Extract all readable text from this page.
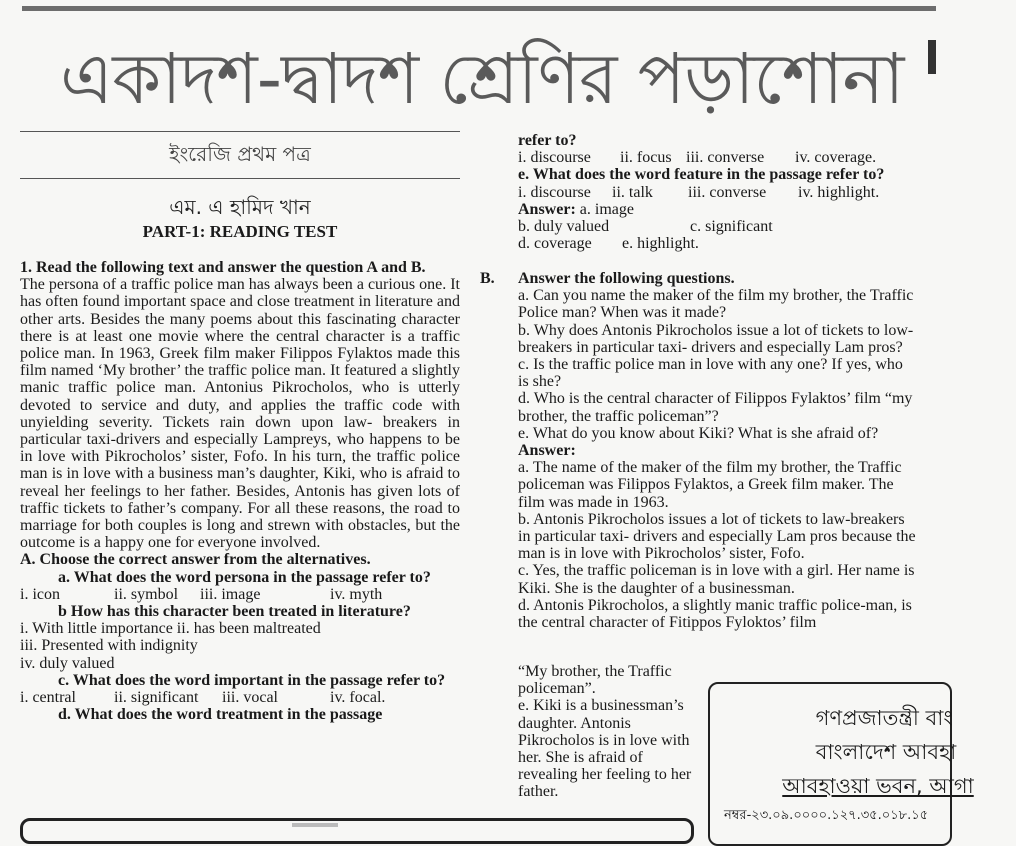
একাদশ-দ্বাদশ শ্রেণির পড়াশোনা
ইংরেজি প্রথম পত্র
এম. এ হামিদ খান
PART-1: READING TEST

1. Read the following text and answer the question A and B.

The persona of a traffic police man has always been a curious one. It has often found important space and close treatment in literature and other arts. Besides the many poems about this fascinating character there is at least one movie where the central character is a traffic police man. In 1963, Greek film maker Filippos Fylaktos made this film named ‘My brother’ the traffic police man. It featured a slightly manic traffic police man. Antonius Pikrocholos, who is utterly devoted to service and duty, and applies the traffic code with unyielding severity. Tickets rain down upon law- breakers in particular taxi-drivers and especially Lampreys, who happens to be in love with Pikrocholos’ sister, Fofo. In his turn, the traffic police man is in love with a business man’s daughter, Kiki, who is afraid to reveal her feelings to her father. Besides, Antonis has given lots of traffic tickets to father’s company. For all these reasons, the road to marriage for both couples is long and strewn with obstacles, but the outcome is a happy one for everyone involved.

A. Choose the correct answer from the alternatives.

a. What does the word persona in the passage refer to?

i. icon	ii. symbol	iii. image	iv. myth

b How has this character been treated in literature?

i. With little importance ii. has been maltreated

iii. Presented with indignity

iv. duly valued

c. What does the word important in the passage refer to?

i. central	ii. significant	iii. vocal	iv. focal.

d. What does the word treatment in the passage

refer to?

i. discourse	ii. focus iii. converse	iv. coverage.

e. What does the word feature in the passage refer to?

i. discourse	ii. talk	iii. converse	iv. highlight.

Answer: a. image

b. duly valued	c. significant
d. coverage	e. highlight.
B. Answer the following questions.

a. Can you name the maker of the film my brother, the Traffic Police man? When was it made?

b. Why does Antonis Pikrocholos issue a lot of tickets to low-breakers in particular taxi- drivers and especially Lam pros?

c. Is the traffic police man in love with any one? If yes, who is she?

d. Who is the central character of Filippos Fylaktos’ film “my brother, the traffic policeman”?

e. What do you know about Kiki? What is she afraid of?

Answer:

a. The name of the maker of the film my brother, the Traffic policeman was Filippos Fylaktos, a Greek film maker. The film was made in 1963.

b. Antonis Pikrocholos issues a lot of tickets to law-breakers in particular taxi- drivers and especially Lam pros because the man is in love with Pikrocholos’ sister, Fofo.

c. Yes, the traffic policeman is in love with a girl. Her name is Kiki. She is the daughter of a businessman.

d. Antonis Pikrocholos, a slightly manic traffic police-man, is the central character of Fitippos Fyloktos’ film

“My brother, the Traffic policeman”.

e. Kiki is a businessman’s daughter. Antonis Pikrocholos is in love with her. She is afraid of revealing her feeling to her father.

গণপ্রজাতন্ত্রী বাং
বাংলাদেশ আবহা
আবহাওয়া ভবন, আগা
নম্বর-২৩.০৯.০০০০.১২৭.৩৫.০১৮.১৫
